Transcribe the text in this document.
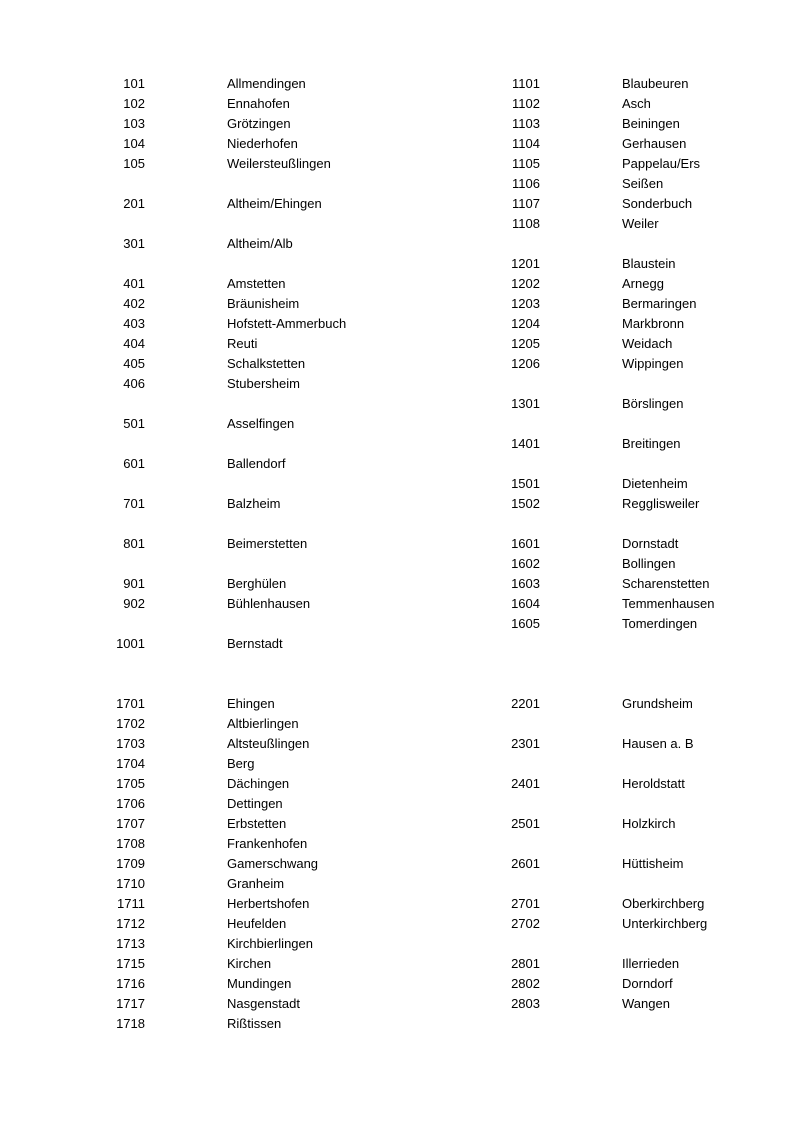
101	Allmendingen
102	Ennahofen
103	Grötzingen
104	Niederhofen
105	Weilersteußlingen
201	Altheim/Ehingen
301	Altheim/Alb
401	Amstetten
402	Bräunisheim
403	Hofstett-Ammerbuch
404	Reuti
405	Schalkstetten
406	Stubersheim
501	Asselfingen
601	Ballendorf
701	Balzheim
801	Beimerstetten
901	Berghülen
902	Bühlenhausen
1001	Bernstadt
1701	Ehingen
1702	Altbierlingen
1703	Altsteußlingen
1704	Berg
1705	Dächingen
1706	Dettingen
1707	Erbstetten
1708	Frankenhofen
1709	Gamerschwang
1710	Granheim
1711	Herbertshofen
1712	Heufelden
1713	Kirchbierlingen
1715	Kirchen
1716	Mundingen
1717	Nasgenstadt
1718	Rißtissen
1101	Blaubeuren
1102	Asch
1103	Beiningen
1104	Gerhausen
1105	Pappelau/Ers
1106	Seißen
1107	Sonderbuch
1108	Weiler
1201	Blaustein
1202	Arnegg
1203	Bermaringen
1204	Markbronn
1205	Weidach
1206	Wippingen
1301	Börslingen
1401	Breitingen
1501	Dietenheim
1502	Regglisweiler
1601	Dornstadt
1602	Bollingen
1603	Scharenstetten
1604	Temmenhausen
1605	Tomerdingen
2201	Grundsheim
2301	Hausen a. B
2401	Heroldstatt
2501	Holzkirch
2601	Hüttisheim
2701	Oberkirchberg
2702	Unterkirchberg
2801	Illerrieden
2802	Dorndorf
2803	Wangen
